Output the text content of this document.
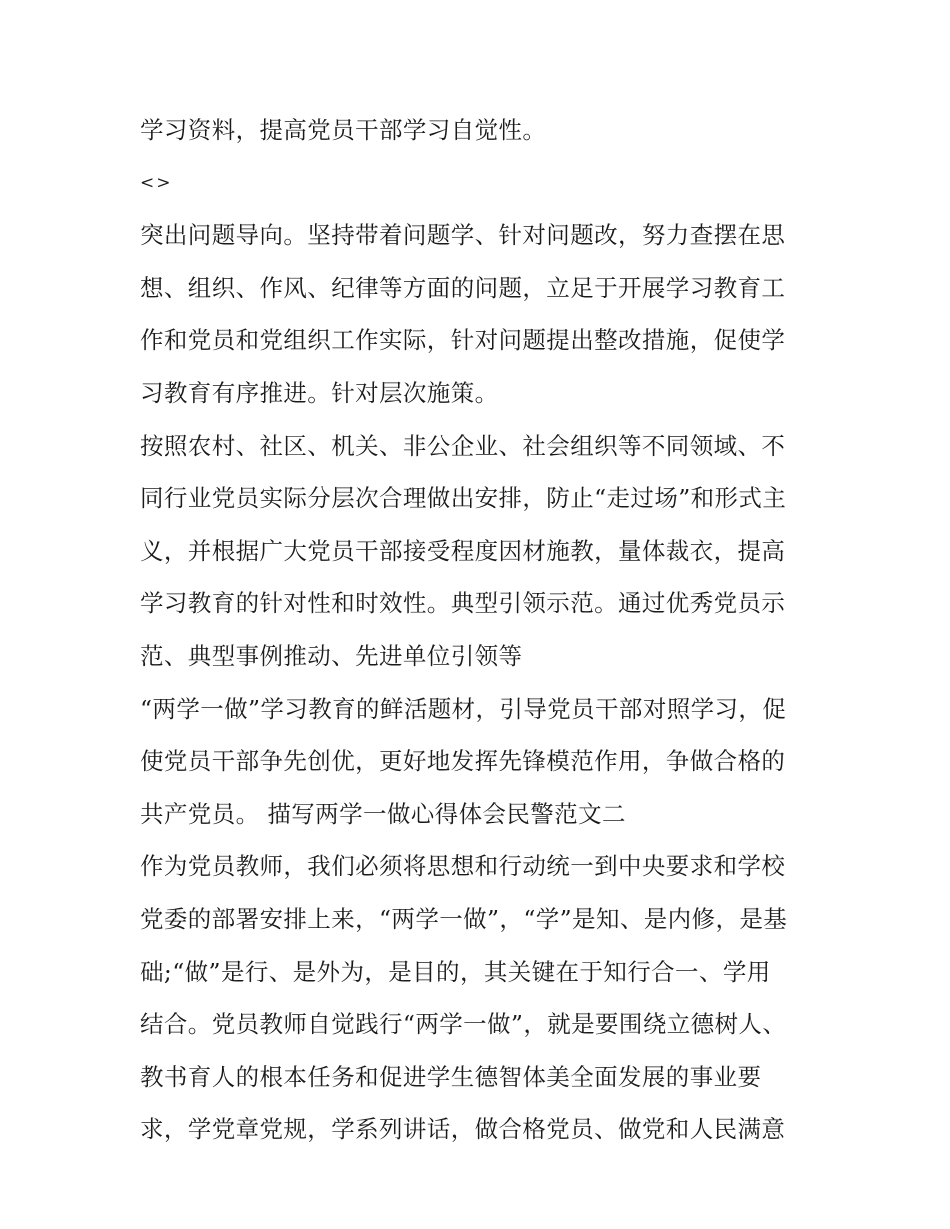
学习资料，提高党员干部学习自觉性。
<>
突出问题导向。坚持带着问题学、针对问题改，努力查摆在思
想、组织、作风、纪律等方面的问题，立足于开展学习教育工
作和党员和党组织工作实际，针对问题提出整改措施，促使学
习教育有序推进。针对层次施策。
按照农村、社区、机关、非公企业、社会组织等不同领域、不
同行业党员实际分层次合理做出安排，防止“走过场”和形式主
义，并根据广大党员干部接受程度因材施教，量体裁衣，提高
学习教育的针对性和时效性。典型引领示范。通过优秀党员示
范、典型事例推动、先进单位引领等
“两学一做”学习教育的鲜活题材，引导党员干部对照学习，促
使党员干部争先创优，更好地发挥先锋模范作用，争做合格的
共产党员。 描写两学一做心得体会民警范文二
作为党员教师，我们必须将思想和行动统一到中央要求和学校
党委的部署安排上来，“两学一做”，“学”是知、是内修，是基
础;“做”是行、是外为，是目的，其关键在于知行合一、学用
结合。党员教师自觉践行“两学一做”，就是要围绕立德树人、
教书育人的根本任务和促进学生德智体美全面发展的事业要
求，学党章党规，学系列讲话，做合格党员、做党和人民满意
